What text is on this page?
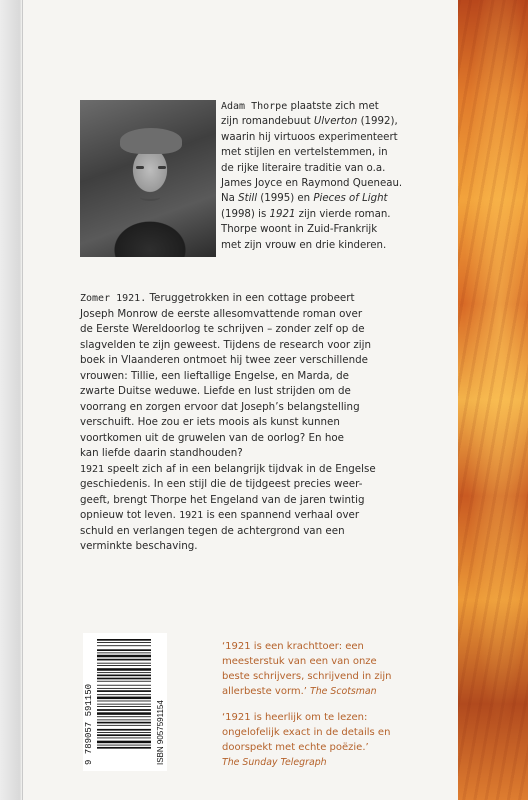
Adam Thorpe plaatste zich met
zijn romandebuut Ulverton (1992),
waarin hij virtuoos experimenteert
met stijlen en vertelstemmen, in
de rijke literaire traditie van o.a.
James Joyce en Raymond Queneau.
Na Still (1995) en Pieces of Light
(1998) is 1921 zijn vierde roman.
Thorpe woont in Zuid-Frankrijk
met zijn vrouw en drie kinderen.
Zomer 1921. Teruggetrokken in een cottage probeert
Joseph Monrow de eerste allesomvattende roman over
de Eerste Wereldoorlog te schrijven – zonder zelf op de
slagvelden te zijn geweest. Tijdens de research voor zijn
boek in Vlaanderen ontmoet hij twee zeer verschillende
vrouwen: Tillie, een lieftallige Engelse, en Marda, de
zwarte Duitse weduwe. Liefde en lust strijden om de
voorrang en zorgen ervoor dat Joseph’s belangstelling
verschuift. Hoe zou er iets moois als kunst kunnen
voortkomen uit de gruwelen van de oorlog? En hoe
kan liefde daarin standhouden?
1921 speelt zich af in een belangrijk tijdvak in de Engelse
geschiedenis. In een stijl die de tijdgeest precies weer-
geeft, brengt Thorpe het Engeland van de jaren twintig
opnieuw tot leven. 1921 is een spannend verhaal over
schuld en verlangen tegen de achtergrond van een
verminkte beschaving.
9 789057 591150	ISBN 9057591154
‘1921 is een krachttoer: een
meesterstuk van een van onze
beste schrijvers, schrijvend in zijn
allerbeste vorm.’ The Scotsman
‘1921 is heerlijk om te lezen:
ongelofelijk exact in de details en
doorspekt met echte poëzie.’
The Sunday Telegraph
